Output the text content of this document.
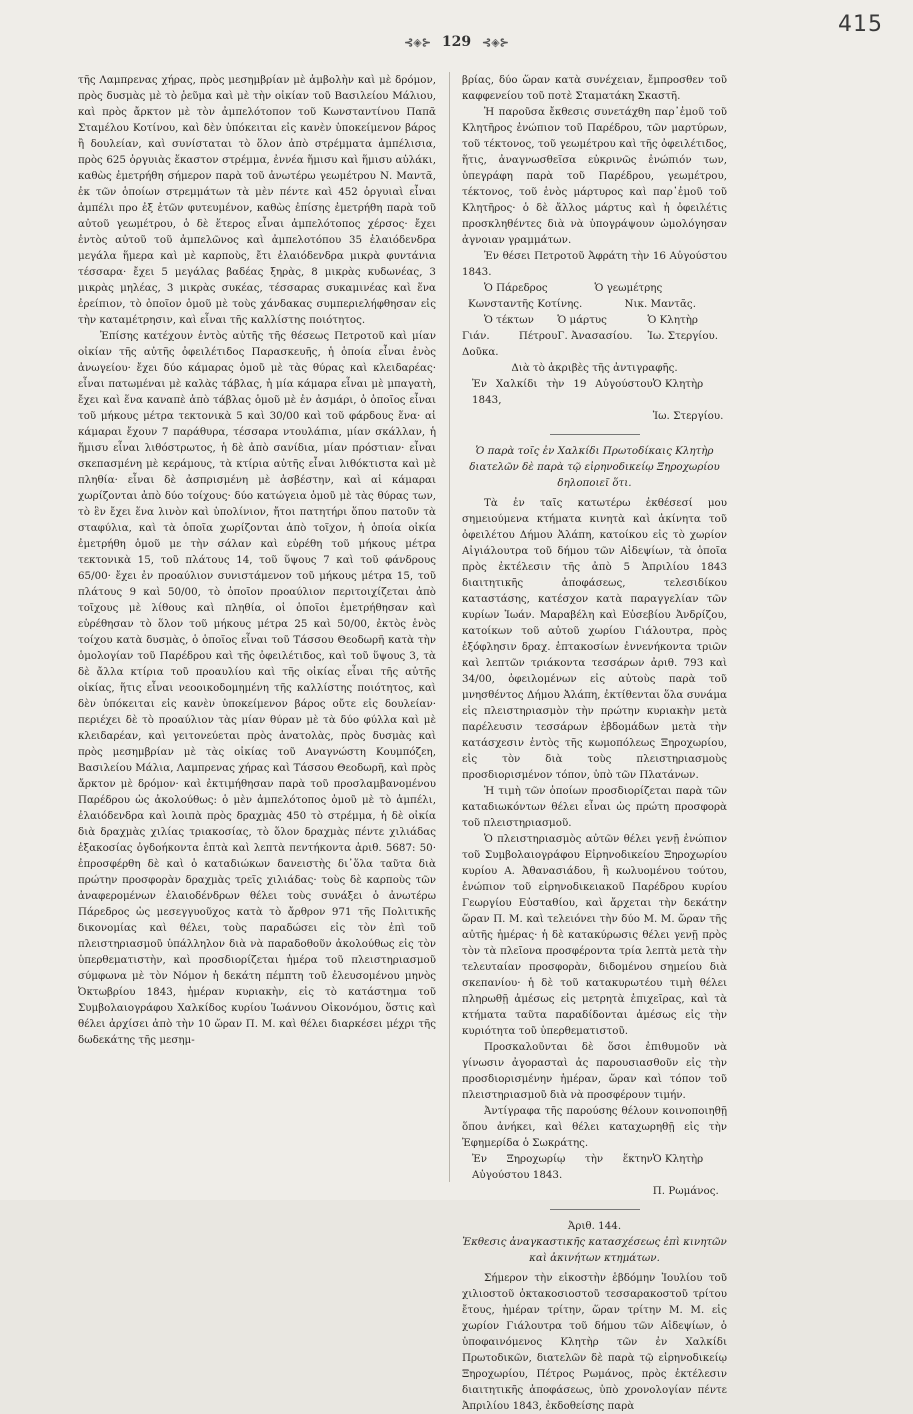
415
⊰◈⊱ 129 ⊰◈⊱

τῆς Λαμπρενας χήρας, πρὸς μεσημβρίαν μὲ ἀμβολὴν καὶ μὲ δρόμον, πρὸς δυσμὰς μὲ τὸ ῥεῦμα καὶ μὲ τὴν οἰκίαν τοῦ Βασιλείου Μάλιου, καὶ πρὸς ἄρκτον μὲ τὸν ἀμπελότοπον τοῦ Κωνσταντίνου Παπᾶ Σταμέλου Κοτίνου, καὶ δὲν ὑπόκειται εἰς κανὲν ὑποκείμενον βάρος ἢ δουλείαν, καὶ συνίσταται τὸ ὅλον ἀπὸ στρέμματα ἀμπέλισια, πρὸς 625 ὀργυιὰς ἕκαστον στρέμμα, ἐννέα ἥμισυ καὶ ἥμισυ αὐλάκι, καθὼς ἐμετρήθη σήμερον παρὰ τοῦ ἀνωτέρω γεωμέτρου Ν. Μαντᾶ, ἐκ τῶν ὁποίων στρεμμάτων τὰ μὲν πέντε καὶ 452 ὀργυιαὶ εἶναι ἀμπέλι προ ἐξ ἐτῶν φυτευμένον, καθὼς ἐπίσης ἐμετρήθη παρὰ τοῦ αὐτοῦ γεωμέτρου, ὁ δὲ ἕτερος εἶναι ἀμπελότοπος χέρσος· ἔχει ἐντὸς αὐτοῦ τοῦ ἀμπελῶνος καὶ ἀμπελοτόπου 35 ἐλαιόδενδρα μεγάλα ἥμερα καὶ μὲ καρποὺς, ἔτι ἐλαιόδενδρα μικρὰ φυντάνια τέσσαρα· ἔχει 5 μεγάλας βαδέας ξηρὰς, 8 μικρὰς κυδωνέας, 3 μικρὰς μηλέας, 3 μικρὰς συκέας, τέσσαρας συκαμινέας καὶ ἕνα ἐρείπιον, τὸ ὁποῖον ὁμοῦ μὲ τοὺς χάνδακας συμπεριελήφθησαν εἰς τὴν καταμέτρησιν, καὶ εἶναι τῆς καλλίστης ποιότητος.

Ἐπίσης κατέχουν ἐντὸς αὐτῆς τῆς θέσεως Πετροτοῦ καὶ μίαν οἰκίαν τῆς αὐτῆς ὀφειλέτιδος Παρασκευῆς, ἡ ὁποία εἶναι ἐνὸς ἀνωγείου· ἔχει δύο κάμαρας ὁμοῦ μὲ τὰς θύρας καὶ κλειδαρέας· εἶναι πατωμέναι μὲ καλὰς τάβλας, ἡ μία κάμαρα εἶναι μὲ μπαγατὴ, ἔχει καὶ ἕνα καναπὲ ἀπὸ τάβλας ὁμοῦ μὲ ἐν ἀσμάρι, ὁ ὁποῖος εἶναι τοῦ μήκους μέτρα τεκτονικὰ 5 καὶ 30/00 καὶ τοῦ φάρδους ἕνα· αἱ κάμαραι ἔχουν 7 παράθυρα, τέσσαρα ντουλάπια, μίαν σκάλλαν, ἡ ἥμισυ εἶναι λιθόστρωτος, ἡ δὲ ἀπὸ σανίδια, μίαν πρόστιαν· εἶναι σκεπασμένη μὲ κεράμους, τὰ κτίρια αὐτῆς εἶναι λιθόκτιστα καὶ μὲ πληθία· εἶναι δὲ ἀσπρισμένη μὲ ἀσβέστην, καὶ αἱ κάμαραι χωρίζονται ἀπὸ δύο τοίχους· δύο κατώγεια ὁμοῦ μὲ τὰς θύρας των, τὸ ἓν ἔχει ἕνα λινὸν καὶ ὑπολίνιον, ἤτοι πατητήρι ὅπου πατοῦν τὰ σταφύλια, καὶ τὰ ὁποῖα χωρίζονται ἀπὸ τοῖχον, ἡ ὁποία οἰκία ἐμετρήθη ὁμοῦ με τὴν σάλαν καὶ εὑρέθη τοῦ μήκους μέτρα τεκτονικὰ 15, τοῦ πλάτους 14, τοῦ ὕψους 7 καὶ τοῦ φάνδρους 65/00· ἔχει ἐν προαύλιον συνιστάμενον τοῦ μήκους μέτρα 15, τοῦ πλάτους 9 καὶ 50/00, τὸ ὁποῖον προαύλιον περιτοιχίζεται ἀπὸ τοῖχους μὲ λίθους καὶ πληθία, οἱ ὁποῖοι ἐμετρήθησαν καὶ εὑρέθησαν τὸ ὅλον τοῦ μήκους μέτρα 25 καὶ 50/00, ἐκτὸς ἑνὸς τοίχου κατὰ δυσμὰς, ὁ ὁποῖος εἶναι τοῦ Τάσσου Θεοδωρῆ κατὰ τὴν ὁμολογίαν τοῦ Παρέδρου καὶ τῆς ὀφειλέτιδος, καὶ τοῦ ὕψους 3, τὰ δὲ ἄλλα κτίρια τοῦ προαυλίου καὶ τῆς οἰκίας εἶναι τῆς αὐτῆς οἰκίας, ἥτις εἶναι νεοοικοδομημένη τῆς καλλίστης ποιότητος, καὶ δὲν ὑπόκειται εἰς κανὲν ὑποκείμενον βάρος οὔτε εἰς δουλείαν· περιέχει δὲ τὸ προαύλιον τὰς μίαν θύραν μὲ τὰ δύο φύλλα καὶ μὲ κλειδαρέαν, καὶ γειτονεύεται πρὸς ἀνατολὰς, πρὸς δυσμὰς καὶ πρὸς μεσημβρίαν μὲ τὰς οἰκίας τοῦ Αναγνώστη Κουμπόζεη, Βασιλείου Μάλια, Λαμπρενας χήρας καὶ Τάσσου Θεοδωρῆ, καὶ πρὸς ἄρκτον μὲ δρόμον· καὶ ἐκτιμήθησαν παρὰ τοῦ προσλαμβανομένου Παρέδρου ὡς ἀκολούθως: ὁ μὲν ἀμπελότοπος ὁμοῦ μὲ τὸ ἀμπέλι, ἐλαιόδενδρα καὶ λοιπὰ πρὸς δραχμὰς 450 τὸ στρέμμα, ἡ δὲ οἰκία διὰ δραχμὰς χιλίας τριακοσίας, τὸ ὅλον δραχμὰς πέντε χιλιάδας ἑξακοσίας ὀγδοήκοντα ἑπτὰ καὶ λεπτὰ πεντήκοντα ἀριθ. 5687: 50· ἐπροσφέρθη δὲ καὶ ὁ καταδιώκων δανειστὴς δι᾽ὅλα ταῦτα διὰ πρώτην προσφορὰν δραχμὰς τρεῖς χιλιάδας· τοὺς δὲ καρποὺς τῶν ἀναφερομένων ἐλαιοδένδρων θέλει τοὺς συνάξει ὁ ἀνωτέρω Πάρεδρος ὡς μεσεγγυοῦχος κατὰ τὸ ἄρθρον 971 τῆς Πολιτικῆς δικονομίας καὶ θέλει, τοὺς παραδώσει εἰς τὸν ἐπὶ τοῦ πλειστηριασμοῦ ὑπάλληλον διὰ νὰ παραδοθοῦν ἀκολούθως εἰς τὸν ὑπερθεματιστὴν, καὶ προσδιορίζεται ἡμέρα τοῦ πλειστηριασμοῦ σύμφωνα μὲ τὸν Νόμον ἡ δεκάτη πέμπτη τοῦ ἐλευσομένου μηνὸς Ὀκτωβρίου 1843, ἡμέραν κυριακὴν, εἰς τὸ κατάστημα τοῦ Συμβολαιογράφου Χαλκίδος κυρίου Ἰωάννου Οἰκονόμου, ὅστις καὶ θέλει ἀρχίσει ἀπὸ τὴν 10 ὥραν Π. Μ. καὶ θέλει διαρκέσει μέχρι τῆς δωδεκάτης τῆς μεσημ-

βρίας, δύο ὥραν κατὰ συνέχειαν, ἔμπροσθεν τοῦ καφφενείου τοῦ ποτὲ Σταματάκη Σκαστῆ.

Ἡ παροῦσα ἔκθεσις συνετάχθη παρ᾽ἐμοῦ τοῦ Κλητῆρος ἐνώπιον τοῦ Παρέδρου, τῶν μαρτύρων, τοῦ τέκτονος, τοῦ γεωμέτρου καὶ τῆς ὀφειλέτιδος, ἥτις, ἀναγνωσθεῖσα εὐκρινῶς ἐνώπιόν των, ὑπεγράφη παρὰ τοῦ Παρέδρου, γεωμέτρου, τέκτονος, τοῦ ἑνὸς μάρτυρος καὶ παρ᾽ἐμοῦ τοῦ Κλητῆρος· ὁ δὲ ἄλλος μάρτυς καὶ ἡ ὀφειλέτις προσκληθέντες διὰ νὰ ὑπογράψουν ὡμολόγησαν ἀγνοιαν γραμμάτων.

Ἐν θέσει Πετροτοῦ Ἀφράτη τὴν 16 Αὐγούστου 1843.

Ὁ Πάρεδρος	Ὁ γεωμέτρης
Κωνσταντῆς Κοτίνης.	Νικ. Μαντᾶς.
Ὁ τέκτων	Ὁ μάρτυς	Ὁ Κλητὴρ
Γιάν. Πέτρου Δοῦκα.	Γ. Ἀνασασίου.	Ἰω. Στεργίου.

Διὰ τὸ ἀκριβὲς τῆς ἀντιγραφῆς.

Ἐν Χαλκίδι τὴν 19 Αὐγούστου 1843,	Ὁ Κλητὴρ
	Ἰω. Στεργίου.

Ὁ παρὰ τοῖς ἐν Χαλκίδι Πρωτοδίκαις Κλητὴρ διατελῶν δὲ παρὰ τῷ εἰρηνοδικείῳ Ξηροχωρίου δηλοποιεῖ ὅτι.

Τὰ ἐν ταῖς κατωτέρω ἐκθέσεσί μου σημειούμενα κτήματα κινητὰ καὶ ἀκίνητα τοῦ ὀφειλέτου Δήμου Ἀλάπη, κατοίκου εἰς τὸ χωρίον Αἰγιάλουτρα τοῦ δήμου τῶν Αἰδεψίων, τὰ ὁποῖα πρὸς ἐκτέλεσιν τῆς ἀπὸ 5 Ἀπριλίου 1843 διαιτητικῆς ἀποφάσεως, τελεσιδίκου καταστάσης, κατέσχον κατὰ παραγγελίαν τῶν κυρίων Ἰωάν. Μαραβέλη καὶ Εὐσεβίου Ἀνδρίζου, κατοίκων τοῦ αὐτοῦ χωρίου Γιάλουτρα, πρὸς ἐξόφλησιν δραχ. ἑπτακοσίων ἐννενήκοντα τριῶν καὶ λεπτῶν τριάκοντα τεσσάρων ἀριθ. 793 καὶ 34/00, ὀφειλομένων εἰς αὐτοὺς παρὰ τοῦ μνησθέντος Δήμου Ἀλάπη, ἐκτίθενται ὅλα συνάμα εἰς πλειστηριασμὸν τὴν πρώτην κυριακὴν μετὰ παρέλευσιν τεσσάρων ἑβδομάδων μετὰ τὴν κατάσχεσιν ἐντὸς τῆς κωμοπόλεως Ξηροχωρίου, εἰς τὸν διὰ τοὺς πλειστηριασμοὺς προσδιορισμένον τόπον, ὑπὸ τῶν Πλατάνων.

Ἡ τιμὴ τῶν ὁποίων προσδιορίζεται παρὰ τῶν καταδιωκόντων θέλει εἶναι ὡς πρώτη προσφορὰ τοῦ πλειστηριασμοῦ.

Ὁ πλειστηριασμὸς αὐτῶν θέλει γενῇ ἐνώπιον τοῦ Συμβολαιογράφου Εἰρηνοδικείου Ξηροχωρίου κυρίου Α. Ἀθανασιάδου, ἢ κωλυομένου τούτου, ἐνώπιον τοῦ εἰρηνοδικειακοῦ Παρέδρου κυρίου Γεωργίου Εὐσταθίου, καὶ ἄρχεται τὴν δεκάτην ὥραν Π. Μ. καὶ τελειόνει τὴν δύο Μ. Μ. ὥραν τῆς αὐτῆς ἡμέρας· ἡ δὲ κατακύρωσις θέλει γενῇ πρὸς τὸν τὰ πλεῖονα προσφέροντα τρία λεπτὰ μετὰ τὴν τελευταίαν προσφορὰν, διδομένου σημείου διὰ σκεπανίου· ἡ δὲ τοῦ κατακυρωτέου τιμὴ θέλει πληρωθῇ ἀμέσως εἰς μετρητὰ ἐπιχεῖρας, καὶ τὰ κτήματα ταῦτα παραδίδονται ἀμέσως εἰς τὴν κυριότητα τοῦ ὑπερθεματιστοῦ.

Προσκαλοῦνται δὲ ὅσοι ἐπιθυμοῦν νὰ γίνωσιν ἀγορασταὶ ἀς παρουσιασθοῦν εἰς τὴν προσδιορισμένην ἡμέραν, ὥραν καὶ τόπον τοῦ πλειστηριασμοῦ διὰ νὰ προσφέρουν τιμήν.

Ἀντίγραφα τῆς παρούσης θέλουν κοινοποιηθῇ ὅπου ἀνήκει, καὶ θέλει καταχωρηθῇ εἰς τὴν Ἐφημερίδα ὁ Σωκράτης.

Ἐν Ξηροχωρίῳ τὴν ἕκτην Αὐγούστου 1843.	Ὁ Κλητὴρ
	Π. Ρωμάνος.

Ἀριθ. 144.

Ἐκθεσις ἀναγκαστικῆς κατασχέσεως ἐπὶ κινητῶν καὶ ἀκινήτων κτημάτων.

Σήμερον τὴν εἰκοστὴν ἑβδόμην Ἰουλίου τοῦ χιλιοστοῦ ὀκτακοσιοστοῦ τεσσαρακοστοῦ τρίτου ἔτους, ἡμέραν τρίτην, ὥραν τρίτην Μ. Μ. εἰς χωρίον Γιάλουτρα τοῦ δήμου τῶν Αἰδεψίων, ὁ ὑποφαινόμενος Κλητὴρ τῶν ἐν Χαλκίδι Πρωτοδικῶν, διατελῶν δὲ παρὰ τῷ εἰρηνοδικείῳ Ξηροχωρίου, Πέτρος Ρωμάνος, πρὸς ἐκτέλεσιν διαιτητικῆς ἀποφάσεως, ὑπὸ χρονολογίαν πέντε Ἀπριλίου 1843, ἐκδοθείσης παρὰ
